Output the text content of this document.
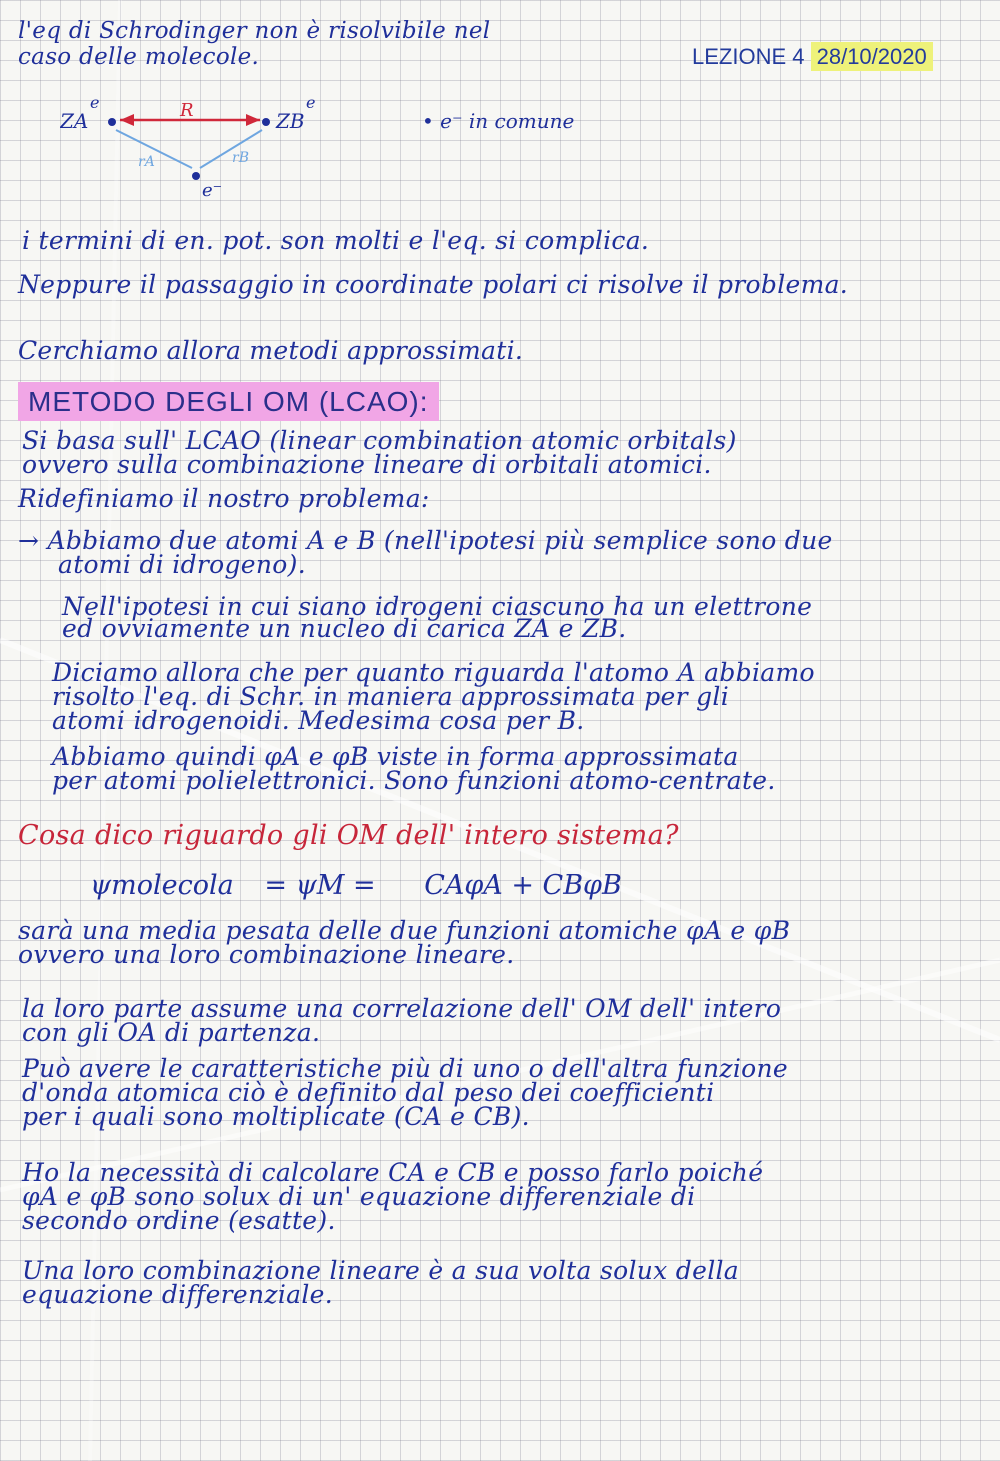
l'eq di Schrodinger non è risolvibile nel
caso delle molecole.	LEZIONE 4 28/10/2020
ZA
e	R	ZB
e
rA	rB
e⁻
• e⁻ in comune
i termini di en. pot. son molti e l'eq. si complica.
Neppure il passaggio in coordinate polari ci risolve il problema.
Cerchiamo allora metodi approssimati.
METODO DEGLI OM (LCAO):
Si basa sull' LCAO (linear combination atomic orbitals)
ovvero sulla combinazione lineare di orbitali atomici.
Ridefiniamo il nostro problema:
→ Abbiamo due atomi A e B (nell'ipotesi più semplice sono due
atomi di idrogeno).
Nell'ipotesi in cui siano idrogeni ciascuno ha un elettrone
ed ovviamente un nucleo di carica ZA e ZB.
Diciamo allora che per quanto riguarda l'atomo A abbiamo
risolto l'eq. di Schr. in maniera approssimata per gli
atomi idrogenoidi. Medesima cosa per B.
Abbiamo quindi φA e φB viste in forma approssimata
per atomi polielettronici. Sono funzioni atomo-centrate.
Cosa dico riguardo gli OM dell' intero sistema?
ψmolecola = ψM = CAφA + CBφB
sarà una media pesata delle due funzioni atomiche φA e φB
ovvero una loro combinazione lineare.
la loro parte assume una correlazione dell' OM dell' intero
con gli OA di partenza.
Può avere le caratteristiche più di uno o dell'altra funzione
d'onda atomica ciò è definito dal peso dei coefficienti
per i quali sono moltiplicate (CA e CB).
Ho la necessità di calcolare CA e CB e posso farlo poiché
φA e φB sono solux di un' equazione differenziale di
secondo ordine (esatte).
Una loro combinazione lineare è a sua volta solux della
equazione differenziale.
